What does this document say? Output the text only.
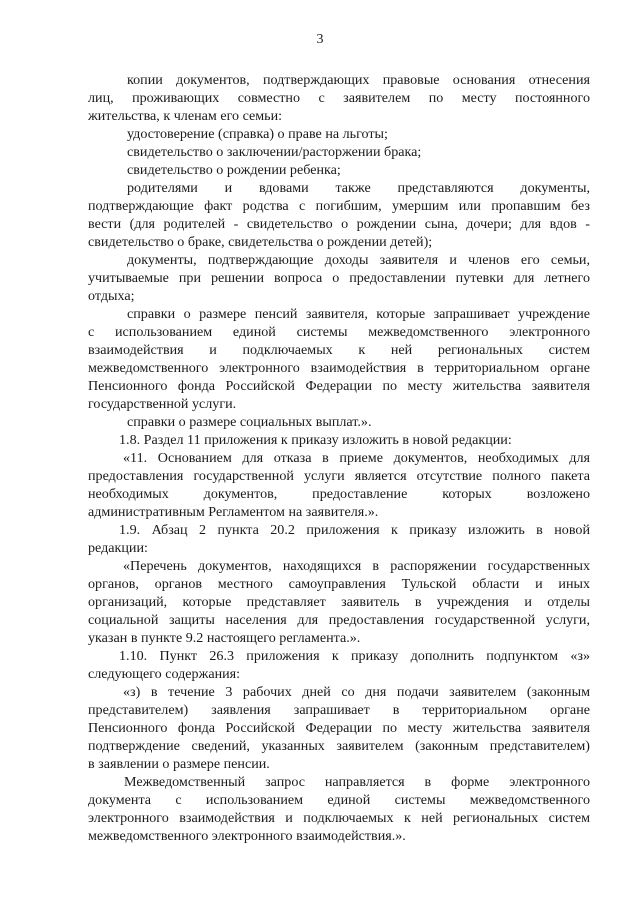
3
копии документов, подтверждающих правовые основания отнесения
лиц, проживающих совместно с заявителем по месту постоянного
жительства, к членам его семьи:
удостоверение (справка) о праве на льготы;
свидетельство о заключении/расторжении брака;
свидетельство о рождении ребенка;
родителями и вдовами также представляются документы,
подтверждающие факт родства с погибшим, умершим или пропавшим без
вести (для родителей - свидетельство о рождении сына, дочери; для вдов -
свидетельство о браке, свидетельства о рождении детей);
документы, подтверждающие доходы заявителя и членов его семьи,
учитываемые при решении вопроса о предоставлении путевки для летнего
отдыха;
справки о размере пенсий заявителя, которые запрашивает учреждение
с использованием единой системы межведомственного электронного
взаимодействия и подключаемых к ней региональных систем
межведомственного электронного взаимодействия в территориальном органе
Пенсионного фонда Российской Федерации по месту жительства заявителя
государственной услуги.
справки о размере социальных выплат.».
1.8. Раздел 11 приложения к приказу изложить в новой редакции:
«11. Основанием для отказа в приеме документов, необходимых для
предоставления государственной услуги является отсутствие полного пакета
необходимых документов, предоставление которых возложено
административным Регламентом на заявителя.».
1.9. Абзац 2 пункта 20.2 приложения к приказу изложить в новой
редакции:
«Перечень документов, находящихся в распоряжении государственных
органов, органов местного самоуправления Тульской области и иных
организаций, которые представляет заявитель в учреждения и отделы
социальной защиты населения для предоставления государственной услуги,
указан в пункте 9.2 настоящего регламента.».
1.10. Пункт 26.3 приложения к приказу дополнить подпунктом «з»
следующего содержания:
«з) в течение 3 рабочих дней со дня подачи заявителем (законным
представителем) заявления запрашивает в территориальном органе
Пенсионного фонда Российской Федерации по месту жительства заявителя
подтверждение сведений, указанных заявителем (законным представителем)
в заявлении о размере пенсии.
Межведомственный запрос направляется в форме электронного
документа с использованием единой системы межведомственного
электронного взаимодействия и подключаемых к ней региональных систем
межведомственного электронного взаимодействия.».
